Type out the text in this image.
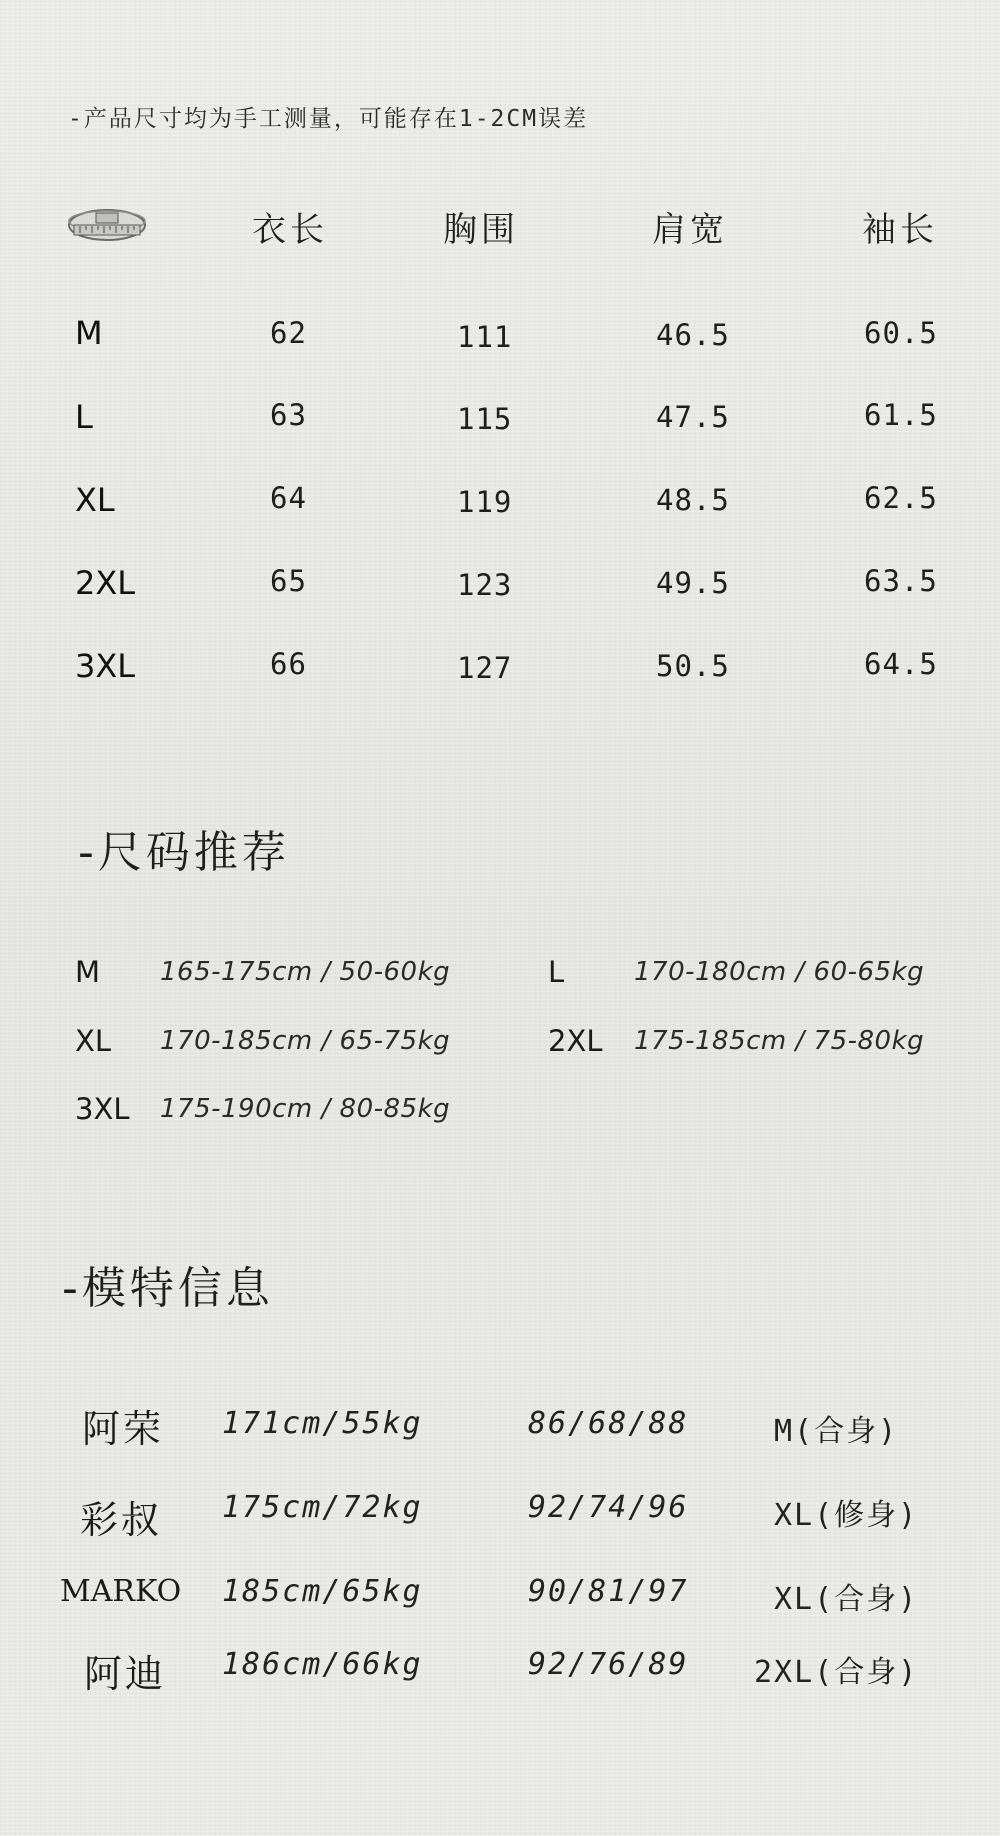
-产品尺寸均为手工测量，可能存在1-2CM误差
衣长	胸围	肩宽	袖长
M	62	111	46.5	60.5
L	63	115	47.5	61.5
XL	64	119	48.5	62.5
2XL	65	123	49.5	63.5
3XL	66	127	50.5	64.5
-尺码推荐
M 165-175cm / 50-60kg	L	170-180cm / 60-65kg
XL 170-185cm / 65-75kg	2XL 175-185cm / 75-80kg
3XL 175-190cm / 80-85kg
-模特信息
阿荣 171cm/55kg	86/68/88	M(合身)
彩叔 175cm/72kg	92/74/96	XL(修身)
MARKO 185cm/65kg	90/81/97	XL(合身)
阿迪 186cm/66kg	92/76/89 2XL(合身)
